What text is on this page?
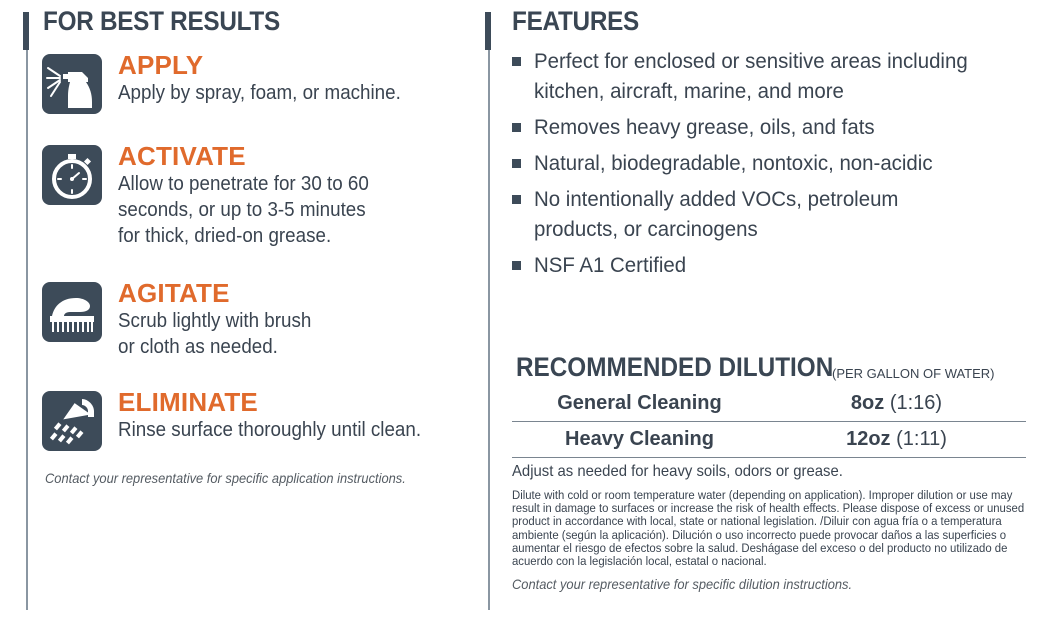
FOR BEST RESULTS
APPLY
Apply by spray, foam, or machine.
ACTIVATE
Allow to penetrate for 30 to 60
seconds, or up to 3-5 minutes
for thick, dried-on grease.
AGITATE
Scrub lightly with brush
or cloth as needed.
ELIMINATE
Rinse surface thoroughly until clean.
Contact your representative for specific application instructions.
FEATURES
Perfect for enclosed or sensitive areas including
kitchen, aircraft, marine, and more
Removes heavy grease, oils, and fats
Natural, biodegradable, nontoxic, non-acidic
No intentionally added VOCs, petroleum
products, or carcinogens
NSF A1 Certified
RECOMMENDED DILUTION
(PER GALLON OF WATER)
General Cleaning	8oz (1:16)
Heavy Cleaning	12oz (1:11)
Adjust as needed for heavy soils, odors or grease.
Dilute with cold or room temperature water (depending on application). Improper dilution or use may result in damage to surfaces or increase the risk of health effects. Please dispose of excess or unused product in accordance with local, state or national legislation. /Diluir con agua fría o a temperatura ambiente (según la aplicación). Dilución o uso incorrecto puede provocar daños a las superficies o aumentar el riesgo de efectos sobre la salud. Deshágase del exceso o del producto no utilizado de acuerdo con la legislación local, estatal o nacional.
Contact your representative for specific dilution instructions.
